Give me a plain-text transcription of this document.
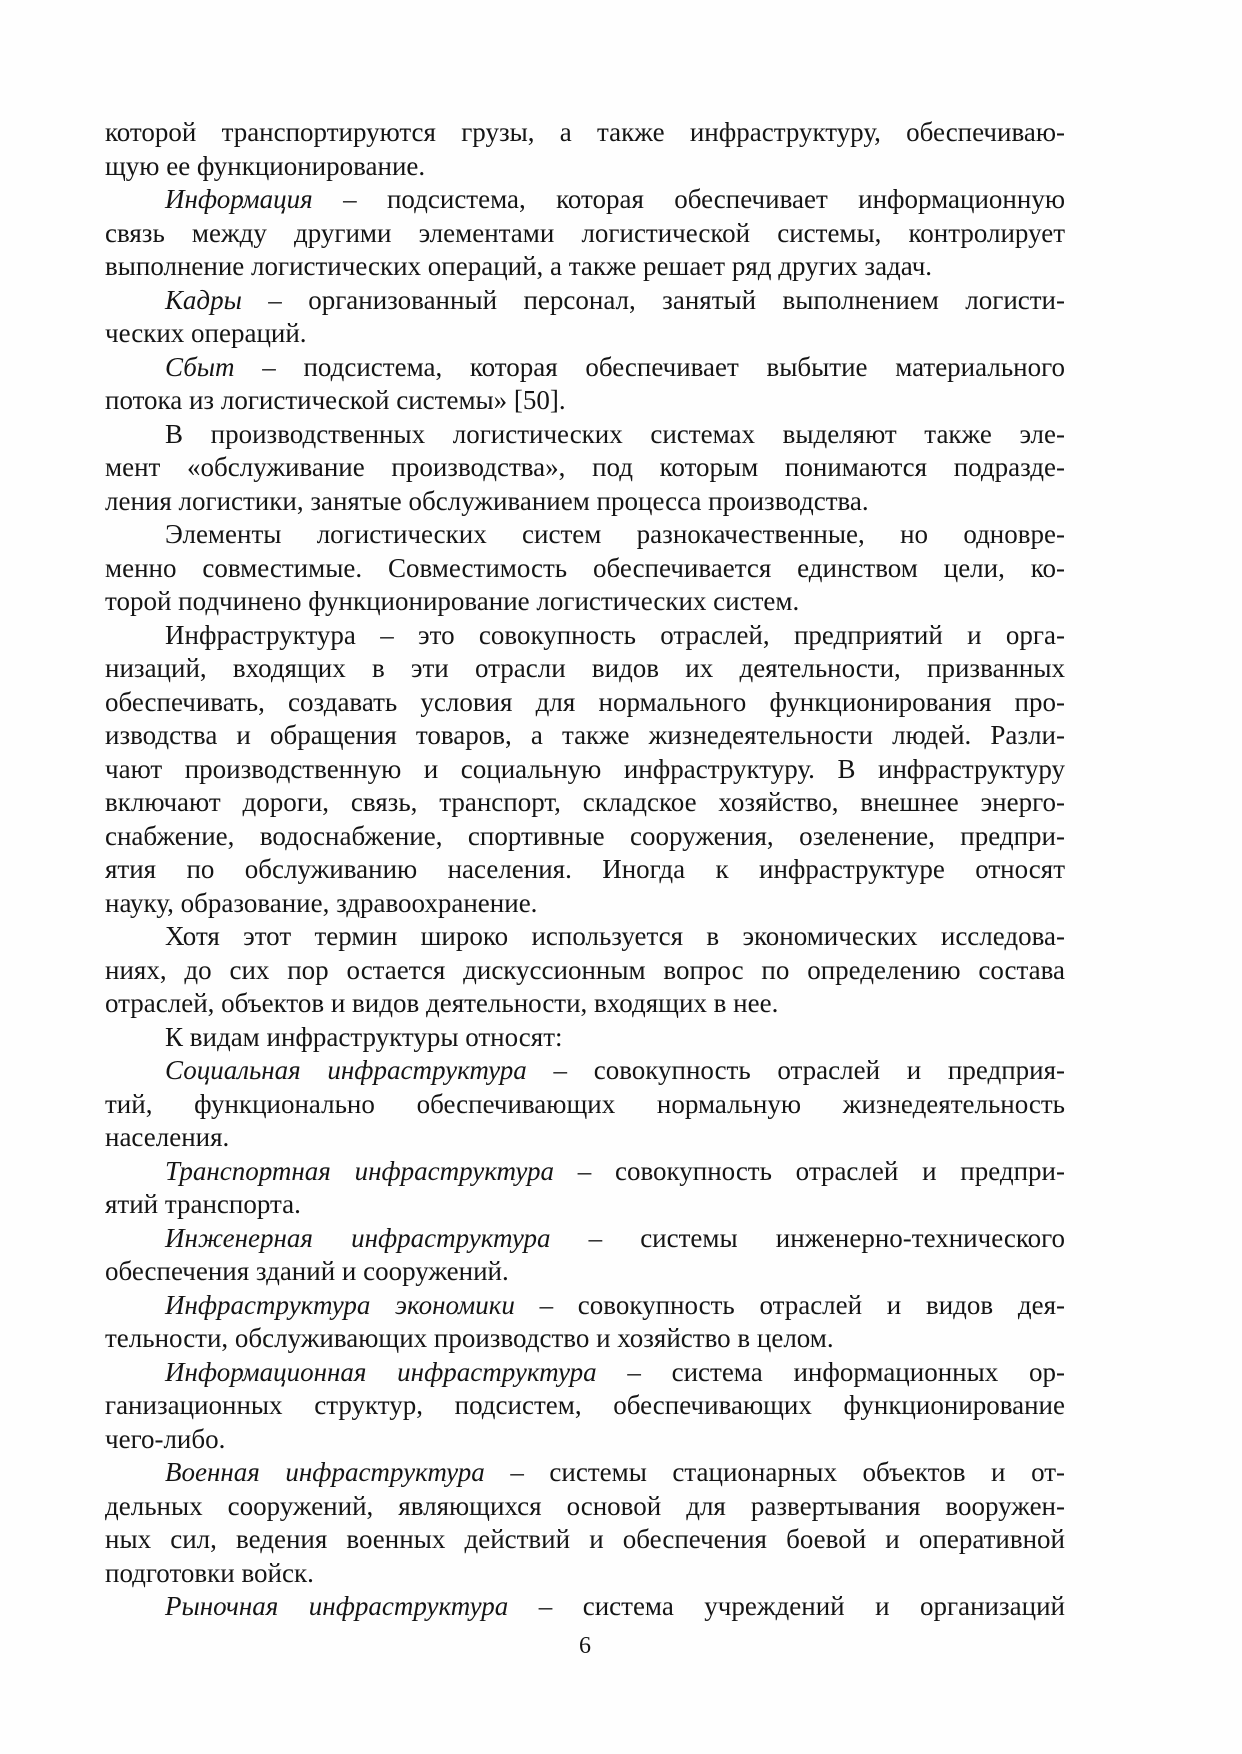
которой транспортируются грузы, а также инфраструктуру, обеспечиваю-
щую ее функционирование.
Информация – подсистема, которая обеспечивает информационную
связь между другими элементами логистической системы, контролирует
выполнение логистических операций, а также решает ряд других задач.
Кадры – организованный персонал, занятый выполнением логисти-
ческих операций.
Сбыт – подсистема, которая обеспечивает выбытие материального
потока из логистической системы» [50].
В производственных логистических системах выделяют также эле-
мент «обслуживание производства», под которым понимаются подразде-
ления логистики, занятые обслуживанием процесса производства.
Элементы логистических систем разнокачественные, но одновре-
менно совместимые. Совместимость обеспечивается единством цели, ко-
торой подчинено функционирование логистических систем.
Инфраструктура – это совокупность отраслей, предприятий и орга-
низаций, входящих в эти отрасли видов их деятельности, призванных
обеспечивать, создавать условия для нормального функционирования про-
изводства и обращения товаров, а также жизнедеятельности людей. Разли-
чают производственную и социальную инфраструктуру. В инфраструктуру
включают дороги, связь, транспорт, складское хозяйство, внешнее энерго-
снабжение, водоснабжение, спортивные сооружения, озеленение, предпри-
ятия по обслуживанию населения. Иногда к инфраструктуре относят
науку, образование, здравоохранение.
Хотя этот термин широко используется в экономических исследова-
ниях, до сих пор остается дискуссионным вопрос по определению состава
отраслей, объектов и видов деятельности, входящих в нее.
К видам инфраструктуры относят:
Социальная инфраструктура – совокупность отраслей и предприя-
тий, функционально обеспечивающих нормальную жизнедеятельность
населения.
Транспортная инфраструктура – совокупность отраслей и предпри-
ятий транспорта.
Инженерная инфраструктура – системы инженерно-технического
обеспечения зданий и сооружений.
Инфраструктура экономики – совокупность отраслей и видов дея-
тельности, обслуживающих производство и хозяйство в целом.
Информационная инфраструктура – система информационных ор-
ганизационных структур, подсистем, обеспечивающих функционирование
чего-либо.
Военная инфраструктура – системы стационарных объектов и от-
дельных сооружений, являющихся основой для развертывания вооружен-
ных сил, ведения военных действий и обеспечения боевой и оперативной
подготовки войск.
Рыночная инфраструктура – система учреждений и организаций
6
